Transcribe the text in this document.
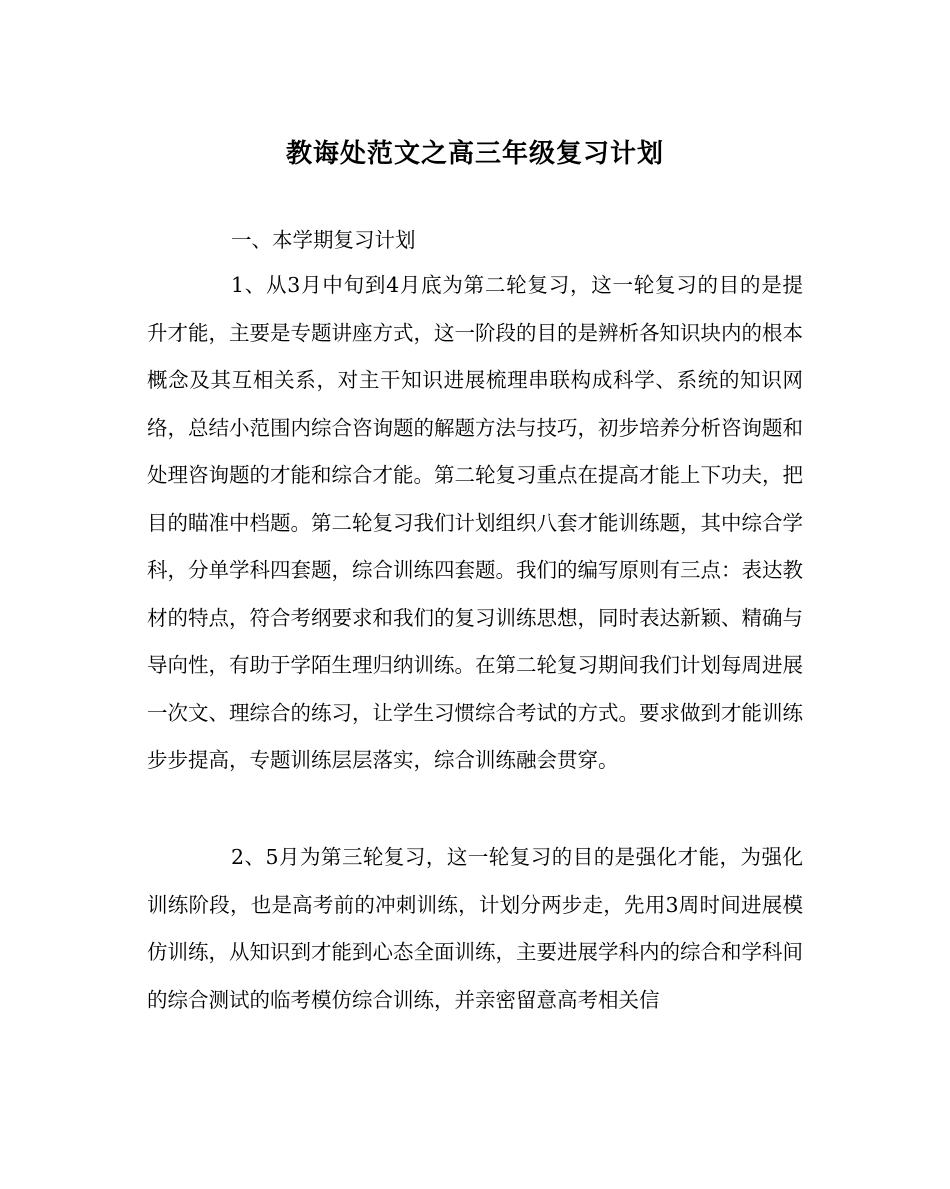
教诲处范文之高三年级复习计划

一、本学期复习计划

1、从3月中旬到4月底为第二轮复习，这一轮复习的目的是提升才能，主要是专题讲座方式，这一阶段的目的是辨析各知识块内的根本概念及其互相关系，对主干知识进展梳理串联构成科学、系统的知识网络，总结小范围内综合咨询题的解题方法与技巧，初步培养分析咨询题和处理咨询题的才能和综合才能。第二轮复习重点在提高才能上下功夫，把目的瞄准中档题。第二轮复习我们计划组织八套才能训练题，其中综合学科，分单学科四套题，综合训练四套题。我们的编写原则有三点：表达教材的特点，符合考纲要求和我们的复习训练思想，同时表达新颖、精确与导向性，有助于学陌生理归纳训练。在第二轮复习期间我们计划每周进展一次文、理综合的练习，让学生习惯综合考试的方式。要求做到才能训练步步提高，专题训练层层落实，综合训练融会贯穿。

2、5月为第三轮复习，这一轮复习的目的是强化才能，为强化训练阶段，也是高考前的冲刺训练，计划分两步走，先用3周时间进展模仿训练，从知识到才能到心态全面训练，主要进展学科内的综合和学科间的综合测试的临考模仿综合训练，并亲密留意高考相关信
